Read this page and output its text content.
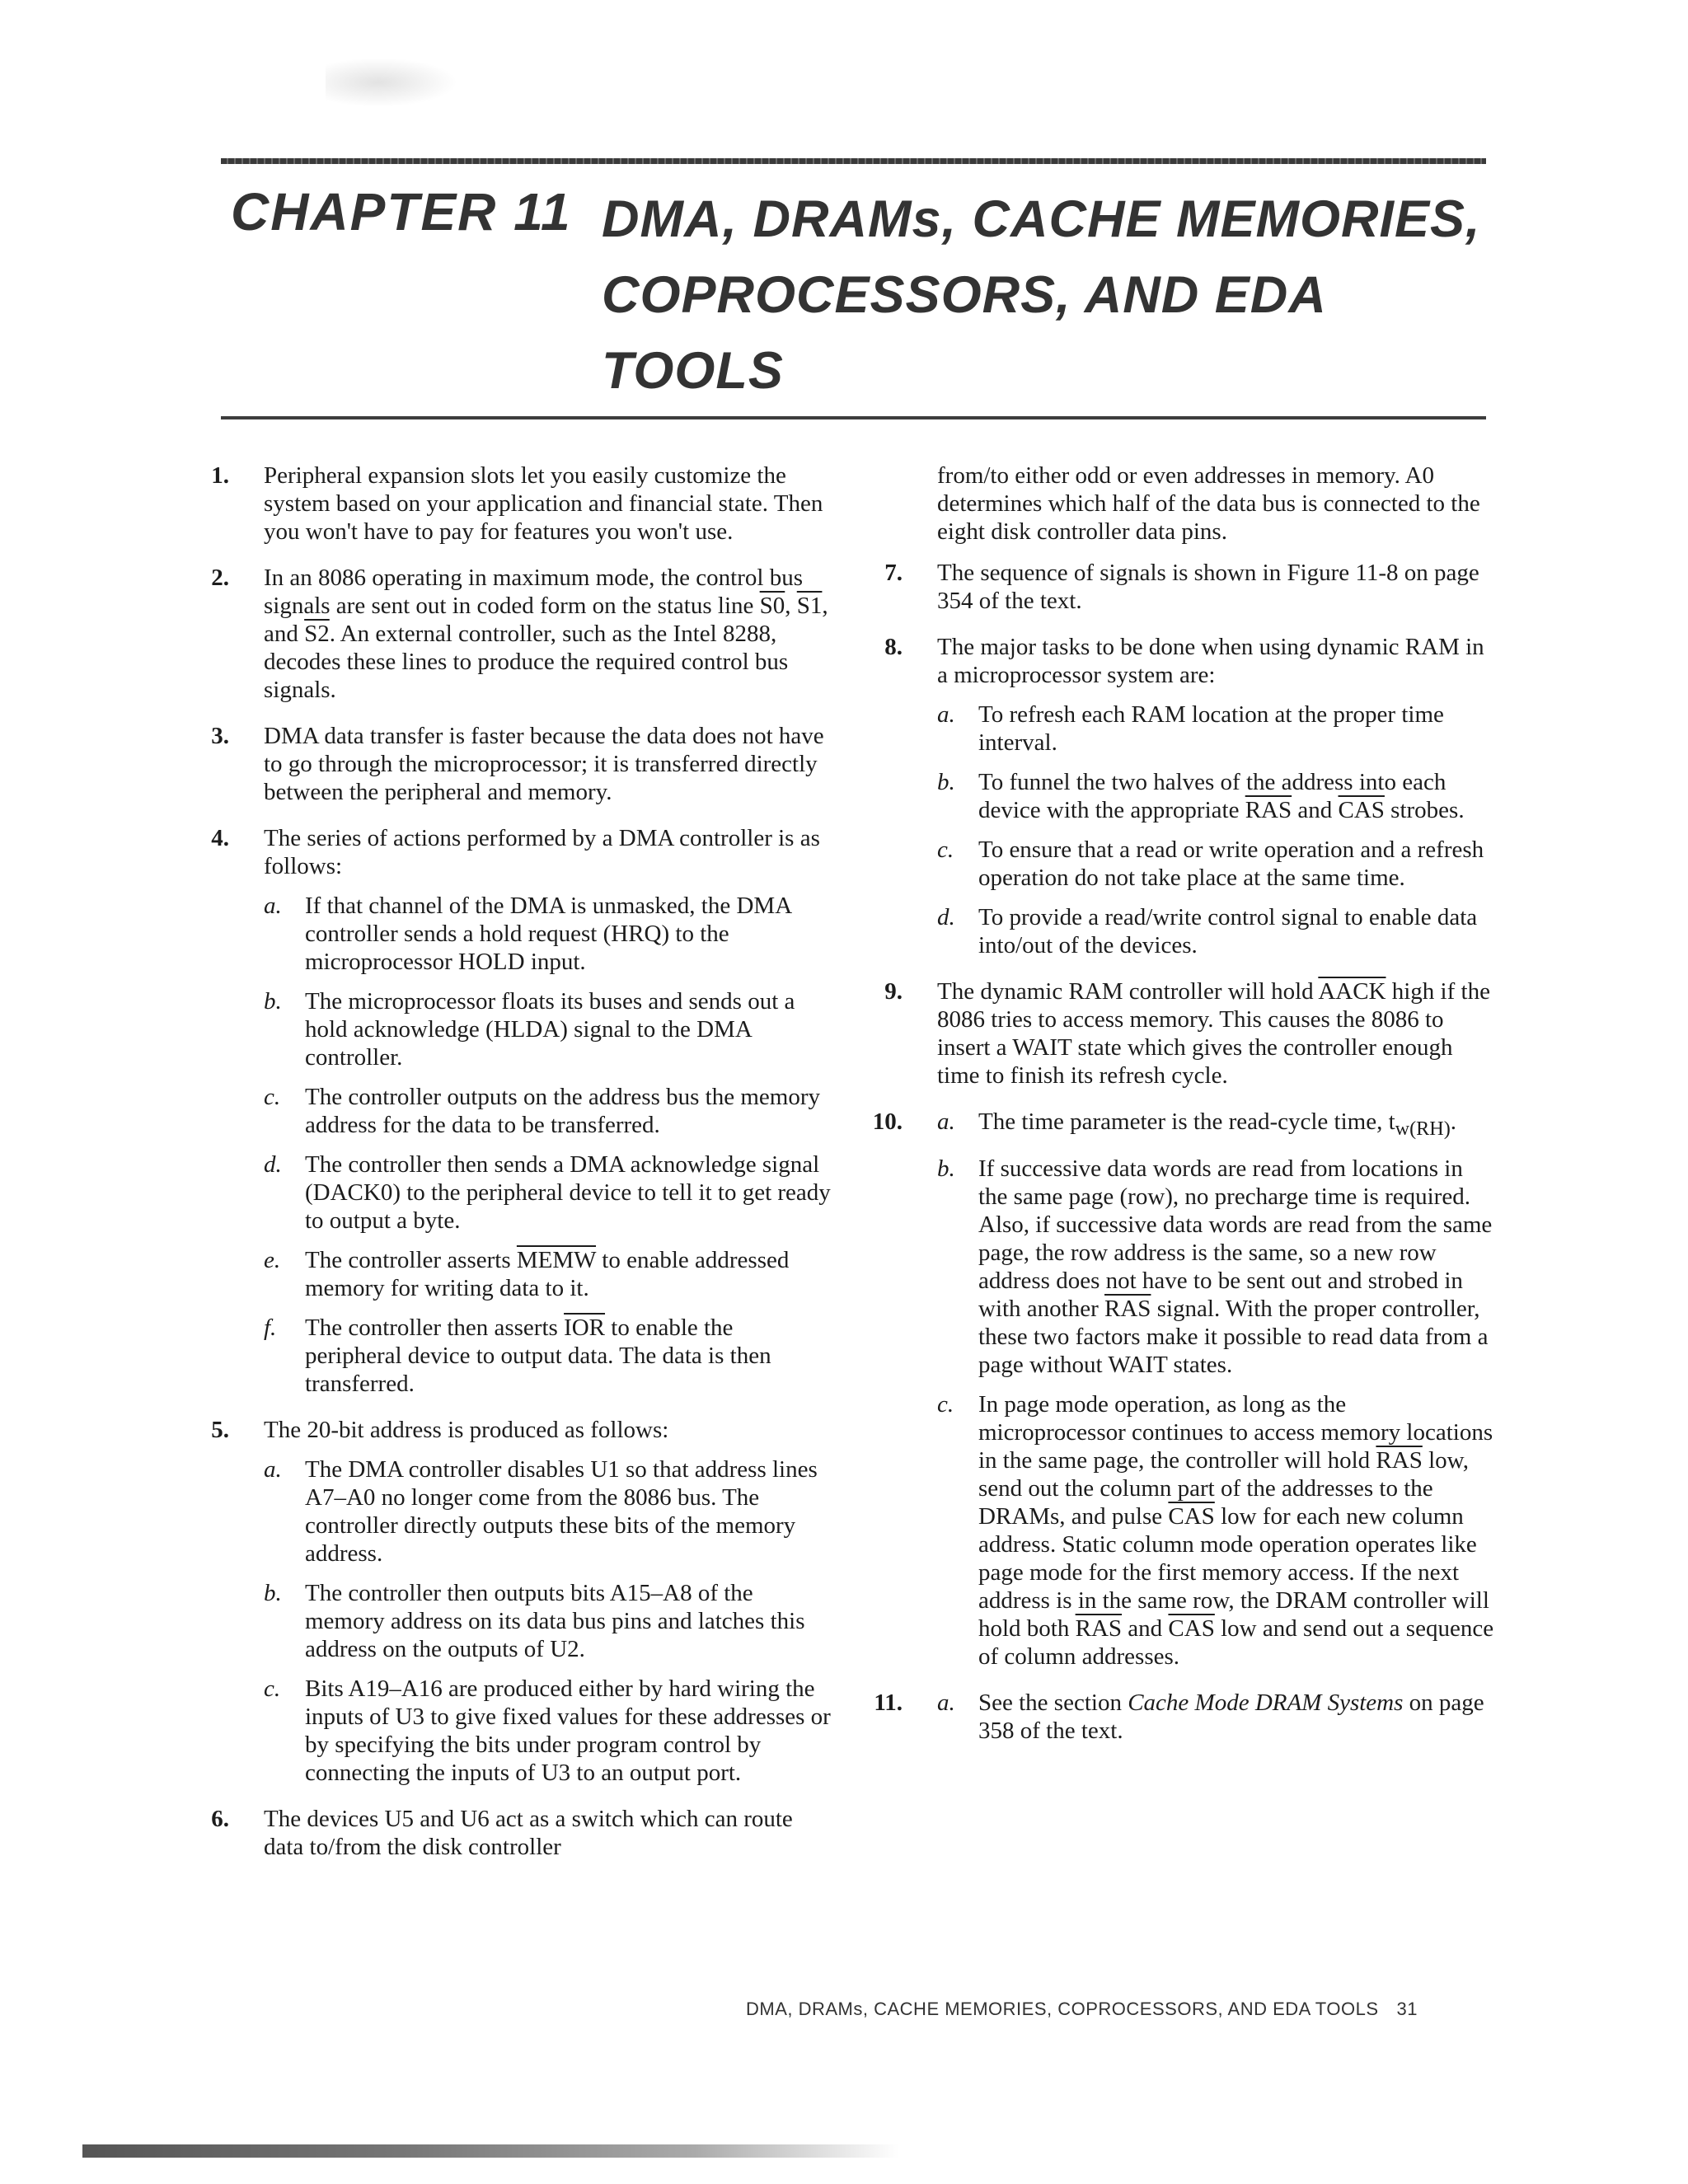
CHAPTER 11 DMA, DRAMs, CACHE MEMORIES, COPROCESSORS, AND EDA TOOLS
1. Peripheral expansion slots let you easily customize the system based on your application and financial state. Then you won't have to pay for features you won't use.

2. In an 8086 operating in maximum mode, the control bus signals are sent out in coded form on the status line S0, S1, and S2. An external controller, such as the Intel 8288, decodes these lines to produce the required control bus signals.

3. DMA data transfer is faster because the data does not have to go through the microprocessor; it is transferred directly between the peripheral and memory.

4. The series of actions performed by a DMA controller is as follows:

a. If that channel of the DMA is unmasked, the DMA controller sends a hold request (HRQ) to the microprocessor HOLD input.

b. The microprocessor floats its buses and sends out a hold acknowledge (HLDA) signal to the DMA controller.

c. The controller outputs on the address bus the memory address for the data to be transferred.

d. The controller then sends a DMA acknowledge signal (DACK0) to the peripheral device to tell it to get ready to output a byte.

e. The controller asserts MEMW to enable addressed memory for writing data to it.

f. The controller then asserts $\overline{IOR}$ to enable the peripheral device to output data. The data is then transferred.

5. The 20-bit address is produced as follows:

a. The DMA controller disables U1 so that address lines A7–A0 no longer come from the 8086 bus. The controller directly outputs these bits of the memory address.

b. The controller then outputs bits A15–A8 of the memory address on its data bus pins and latches this address on the outputs of U2.

c. Bits A19–A16 are produced either by hard wiring the inputs of U3 to give fixed values for these addresses or by specifying the bits under program control by connecting the inputs of U3 to an output port.

6. The devices U5 and U6 act as a switch which can route data to/from the disk controller

from/to either odd or even addresses in memory. A0 determines which half of the data bus is connected to the eight disk controller data pins.

7. The sequence of signals is shown in Figure 11-8 on page 354 of the text.

8. The major tasks to be done when using dynamic RAM in a microprocessor system are:

a. To refresh each RAM location at the proper time interval.

b. To funnel the two halves of the address into each device with the appropriate $\overline{RAS}$ and $\overline{CAS}$ strobes.

c. To ensure that a read or write operation and a refresh operation do not take place at the same time.

d. To provide a read/write control signal to enable data into/out of the devices.

9. The dynamic RAM controller will hold AACK high if the 8086 tries to access memory. This causes the 8086 to insert a WAIT state which gives the controller enough time to finish its refresh cycle.

10. a. The time parameter is the read-cycle time, $t_{w(RH)}$.

b. If successive data words are read from locations in the same page (row), no precharge time is required. Also, if successive data words are read from the same page, the row address is the same, so a new row address does not have to be sent out and strobed in with another $\overline{RAS}$ signal. With the proper controller, these two factors make it possible to read data from a page without WAIT states.

c. In page mode operation, as long as the microprocessor continues to access memory locations in the same page, the controller will hold $\overline{RAS}$ low, send out the column part of the addresses to the DRAMs, and pulse $\overline{CAS}$ low for each new column address. Static column mode operation operates like page mode for the first memory access. If the next address is in the same row, the DRAM controller will hold both $\overline{RAS}$ and $\overline{CAS}$ low and send out a sequence of column addresses.

11. a. See the section Cache Mode DRAM Systems on page 358 of the text.

DMA, DRAMs, CACHE MEMORIES, COPROCESSORS, AND EDA TOOLS 31
